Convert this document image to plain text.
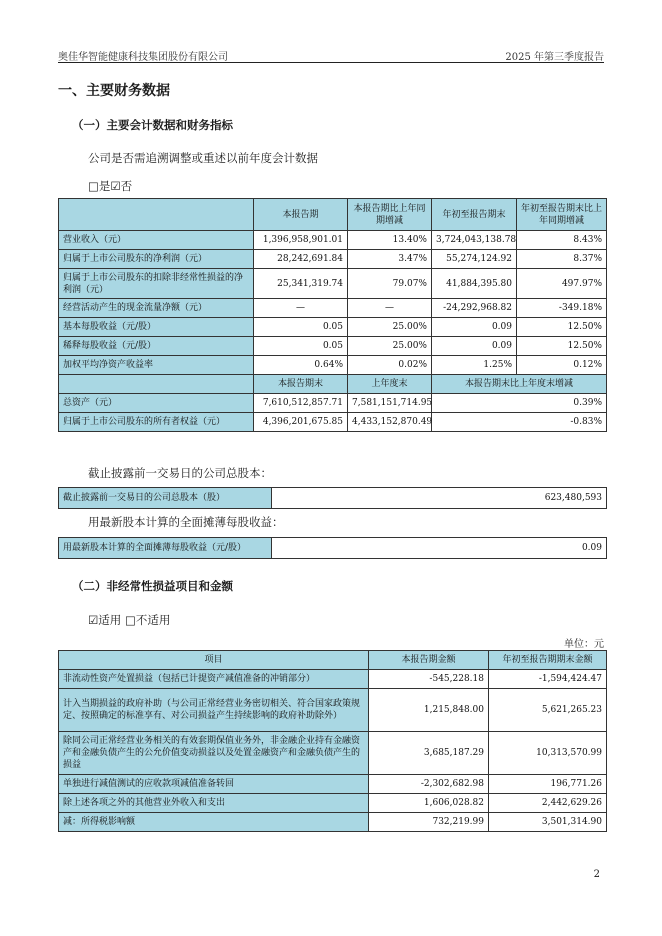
奥佳华智能健康科技集团股份有限公司	2025 年第三季度报告
一、主要财务数据
（一）主要会计数据和财务指标
公司是否需追溯调整或重述以前年度会计数据
□是☑否
	本报告期	本报告期比上年同期增减	年初至报告期末	年初至报告期末比上年同期增减
营业收入（元）	1,396,958,901.01	13.40%	3,724,043,138.78	8.43%
归属于上市公司股东的净利润（元）	28,242,691.84	3.47%	55,274,124.92	8.37%
归属于上市公司股东的扣除非经常性损益的净利润（元）	25,341,319.74	79.07%	41,884,395.80	497.97%
经营活动产生的现金流量净额（元）	—	—	-24,292,968.82	-349.18%
基本每股收益（元/股）	0.05	25.00%	0.09	12.50%
稀释每股收益（元/股）	0.05	25.00%	0.09	12.50%
加权平均净资产收益率	0.64%	0.02%	1.25%	0.12%
	本报告期末	上年度末	本报告期末比上年度末增减	
总资产（元）	7,610,512,857.71	7,581,151,714.95	0.39%	
归属于上市公司股东的所有者权益（元）	4,396,201,675.85	4,433,152,870.49	-0.83%	
截止披露前一交易日的公司总股本：
截止披露前一交易日的公司总股本（股）	623,480,593
用最新股本计算的全面摊薄每股收益：
用最新股本计算的全面摊薄每股收益（元/股）	0.09
（二）非经常性损益项目和金额
☑适用 □不适用
单位：元
项目	本报告期金额	年初至报告期期末金额
非流动性资产处置损益（包括已计提资产减值准备的冲销部分）	-545,228.18	-1,594,424.47
计入当期损益的政府补助（与公司正常经营业务密切相关、符合国家政策规定、按照确定的标准享有、对公司损益产生持续影响的政府补助除外）	1,215,848.00	5,621,265.23
除同公司正常经营业务相关的有效套期保值业务外，非金融企业持有金融资产和金融负债产生的公允价值变动损益以及处置金融资产和金融负债产生的损益	3,685,187.29	10,313,570.99
单独进行减值测试的应收款项减值准备转回	-2,302,682.98	196,771.26
除上述各项之外的其他营业外收入和支出	1,606,028.82	2,442,629.26
减：所得税影响额	732,219.99	3,501,314.90
2
